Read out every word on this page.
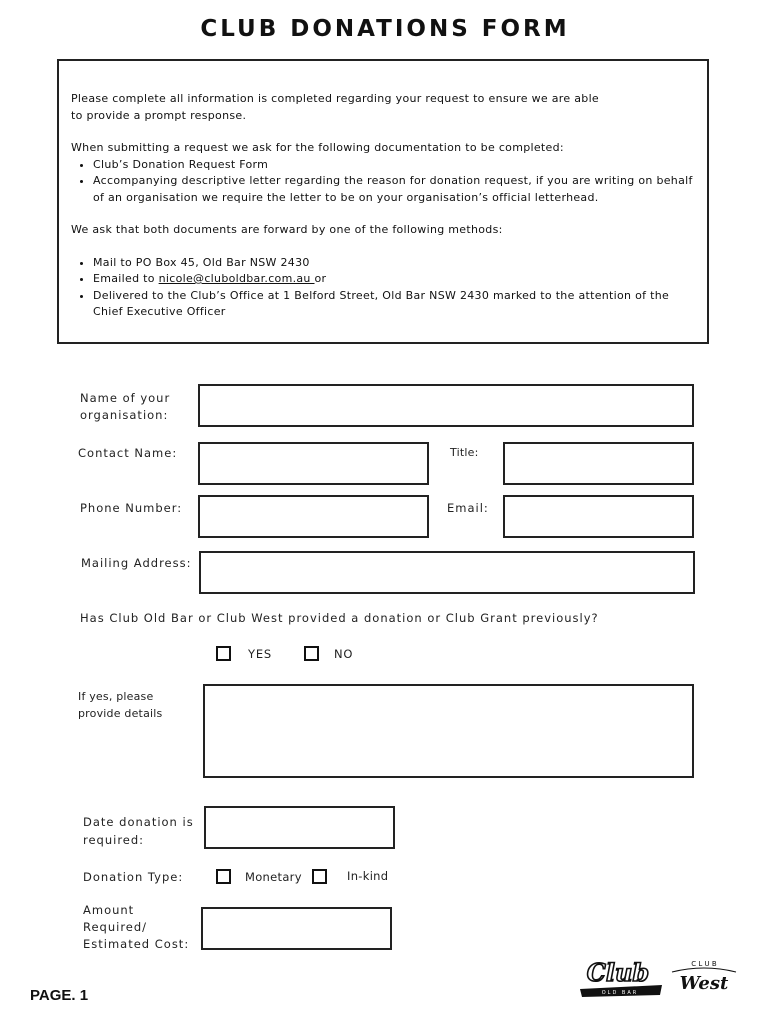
CLUB DONATIONS FORM

Please complete all information is completed regarding your request to ensure we are able

to provide a prompt response.

When submitting a request we ask for the following documentation to be completed:

• Club’s Donation Request Form
• Accompanying descriptive letter regarding the reason for donation request, if you are writing on behalf of an organisation we require the letter to be on your organisation’s official letterhead.

We ask that both documents are forward by one of the following methods:

• Mail to PO Box 45, Old Bar NSW 2430
• Emailed to nicole@cluboldbar.com.au or
• Delivered to the Club’s Office at 1 Belford Street, Old Bar NSW 2430 marked to the attention of the Chief Executive Officer
Name of your
organisation:
Contact Name:	Title:
Phone Number:	Email:
Mailing Address:
Has Club Old Bar or Club West provided a donation or Club Grant previously?
YES	NO
If yes, please
provide details
Date donation is
required:
Donation Type:	Monetary	In-kind
Amount
Required/
Estimated Cost:
PAGE. 1
Club
OLD BAR
C L U B
West
